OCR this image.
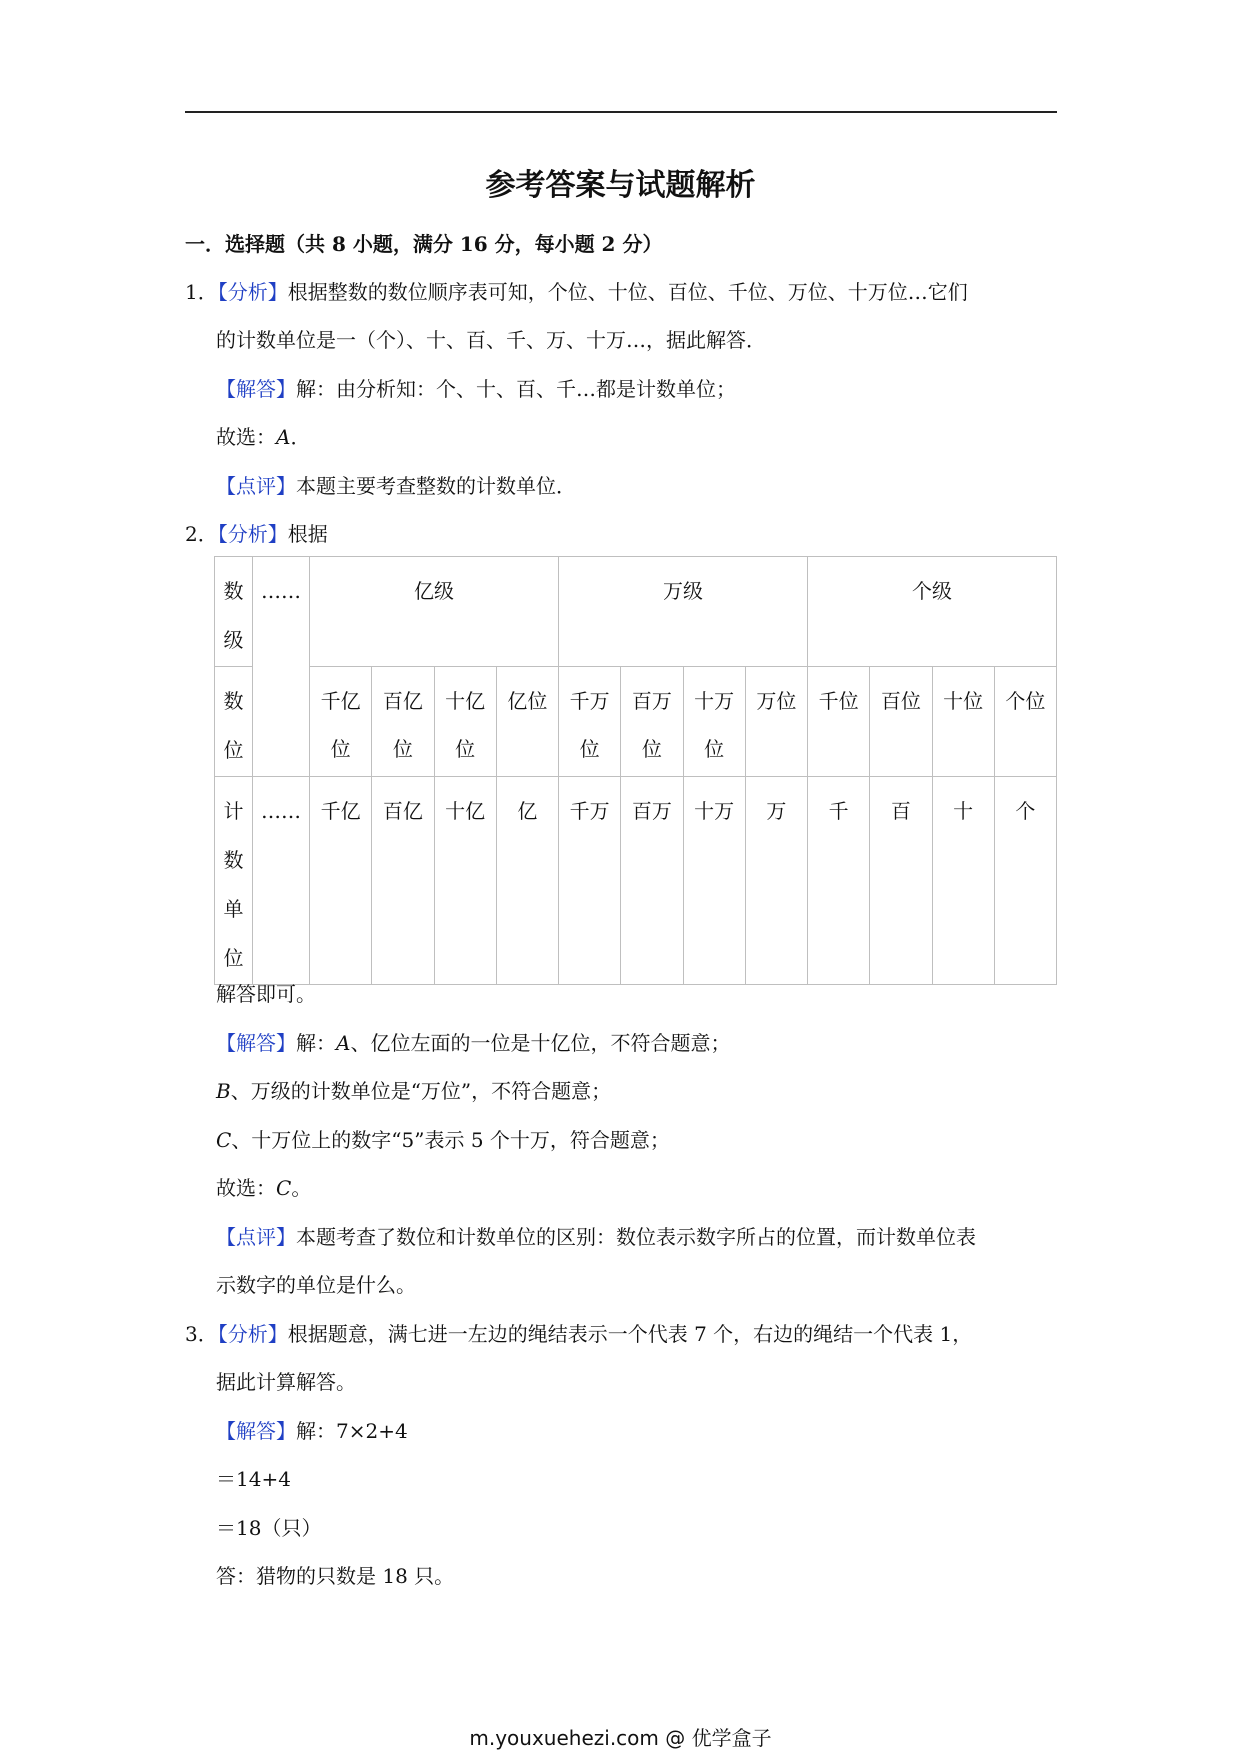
参考答案与试题解析
一．选择题（共 8 小题，满分 16 分，每小题 2 分）
1．【分析】根据整数的数位顺序表可知，个位、十位、百位、千位、万位、十万位…它们
的计数单位是一（个）、十、百、千、万、十万…，据此解答．
【解答】解：由分析知：个、十、百、千…都是计数单位；
故选：A．
【点评】本题主要考查整数的计数单位．
2．【分析】根据
数级	……	亿级				万级				个级			

数位		千亿位	百亿位	十亿位	亿位	千万位	百万位	十万位	万位	千位	百位	十位	个位

计数单位	……	千亿	百亿	十亿	亿	千万	百万	十万	万	千	百	十	个
解答即可。
【解答】解：A、亿位左面的一位是十亿位，不符合题意；
B、万级的计数单位是“万位”，不符合题意；
C、十万位上的数字“5”表示 5 个十万，符合题意；
故选：C。
【点评】本题考查了数位和计数单位的区别：数位表示数字所占的位置，而计数单位表
示数字的单位是什么。
3．【分析】根据题意，满七进一左边的绳结表示一个代表 7 个，右边的绳结一个代表 1，
据此计算解答。
【解答】解：7×2+4
＝14+4
＝18（只）
答：猎物的只数是 18 只。
m.youxuehezi.com @ 优学盒子
